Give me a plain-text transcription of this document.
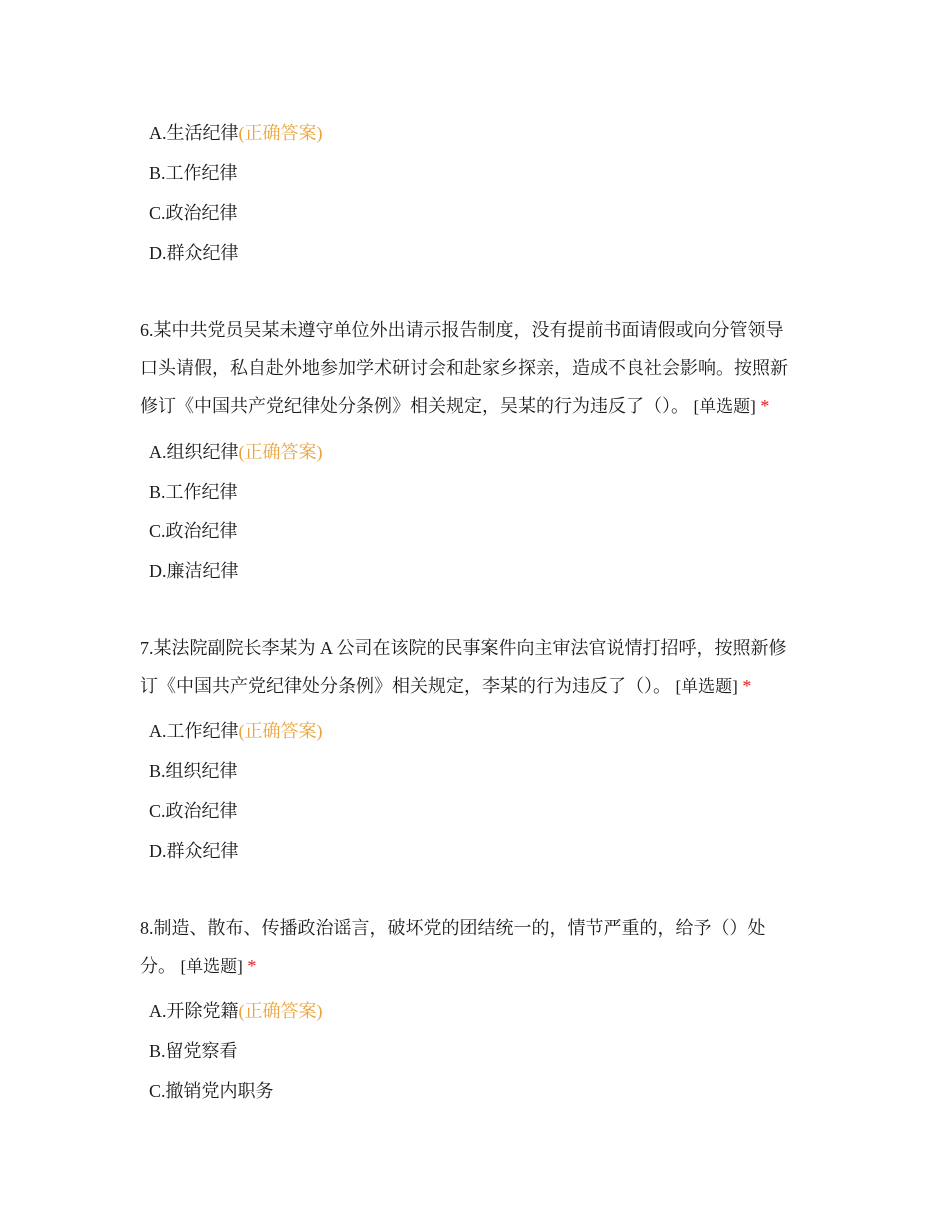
A.生活纪律(正确答案)
B.工作纪律
C.政治纪律
D.群众纪律
6.某中共党员吴某未遵守单位外出请示报告制度，没有提前书面请假或向分管领导
口头请假，私自赴外地参加学术研讨会和赴家乡探亲，造成不良社会影响。按照新
修订《中国共产党纪律处分条例》相关规定，吴某的行为违反了（）。 [单选题] *
A.组织纪律(正确答案)
B.工作纪律
C.政治纪律
D.廉洁纪律
7.某法院副院长李某为 A 公司在该院的民事案件向主审法官说情打招呼，按照新修
订《中国共产党纪律处分条例》相关规定，李某的行为违反了（）。 [单选题] *
A.工作纪律(正确答案)
B.组织纪律
C.政治纪律
D.群众纪律
8.制造、散布、传播政治谣言，破坏党的团结统一的，情节严重的，给予（）处
分。 [单选题] *
A.开除党籍(正确答案)
B.留党察看
C.撤销党内职务
